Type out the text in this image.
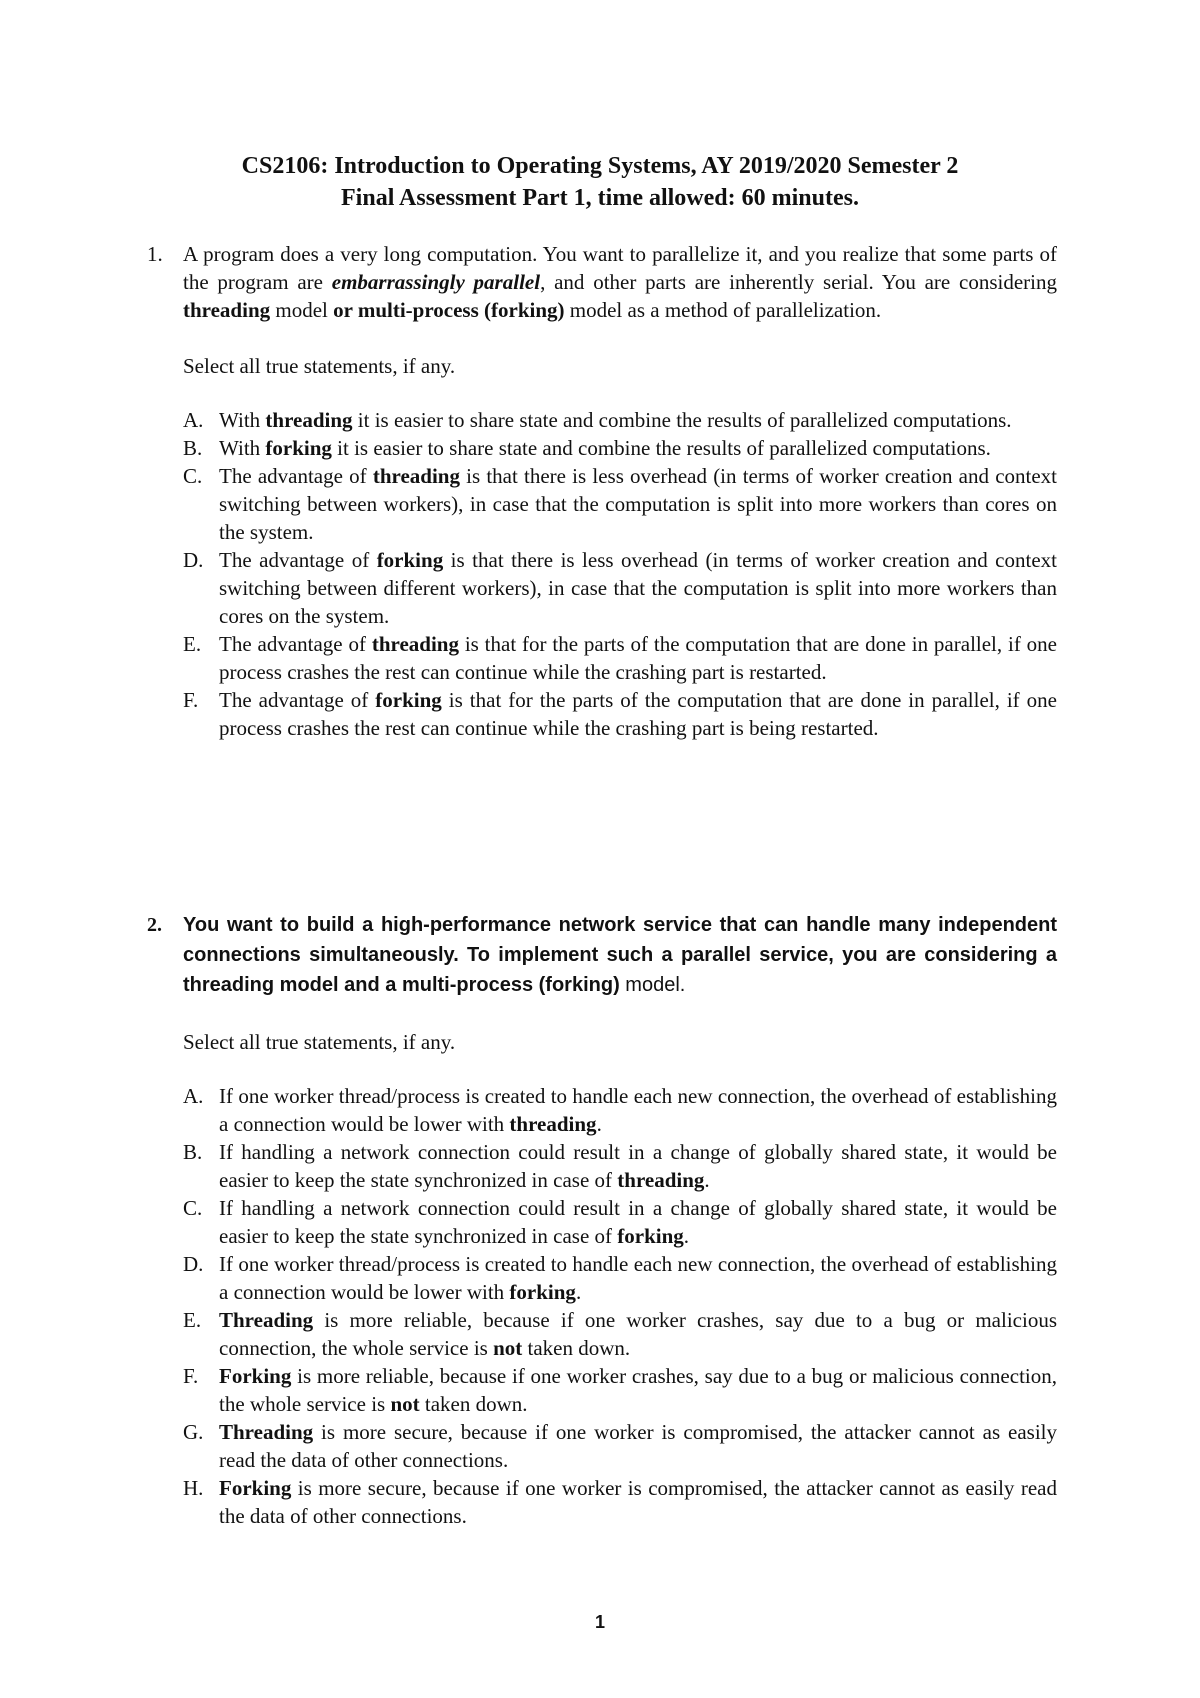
CS2106: Introduction to Operating Systems, AY 2019/2020 Semester 2
Final Assessment Part 1, time allowed: 60 minutes.
1. A program does a very long computation. You want to parallelize it, and you realize that some parts of the program are embarrassingly parallel, and other parts are inherently serial. You are considering threading model or multi-process (forking) model as a method of parallelization.
Select all true statements, if any.
A. With threading it is easier to share state and combine the results of parallelized computations.
B. With forking it is easier to share state and combine the results of parallelized computations.
C. The advantage of threading is that there is less overhead (in terms of worker creation and context switching between workers), in case that the computation is split into more workers than cores on the system.
D. The advantage of forking is that there is less overhead (in terms of worker creation and context switching between different workers), in case that the computation is split into more workers than cores on the system.
E. The advantage of threading is that for the parts of the computation that are done in parallel, if one process crashes the rest can continue while the crashing part is restarted.
F. The advantage of forking is that for the parts of the computation that are done in parallel, if one process crashes the rest can continue while the crashing part is being restarted.
2. You want to build a high-performance network service that can handle many independent connections simultaneously. To implement such a parallel service, you are considering a threading model and a multi-process (forking) model.
Select all true statements, if any.
A. If one worker thread/process is created to handle each new connection, the overhead of establishing a connection would be lower with threading.
B. If handling a network connection could result in a change of globally shared state, it would be easier to keep the state synchronized in case of threading.
C. If handling a network connection could result in a change of globally shared state, it would be easier to keep the state synchronized in case of forking.
D. If one worker thread/process is created to handle each new connection, the overhead of establishing a connection would be lower with forking.
E. Threading is more reliable, because if one worker crashes, say due to a bug or malicious connection, the whole service is not taken down.
F. Forking is more reliable, because if one worker crashes, say due to a bug or malicious connection, the whole service is not taken down.
G. Threading is more secure, because if one worker is compromised, the attacker cannot as easily read the data of other connections.
H. Forking is more secure, because if one worker is compromised, the attacker cannot as easily read the data of other connections.
1
